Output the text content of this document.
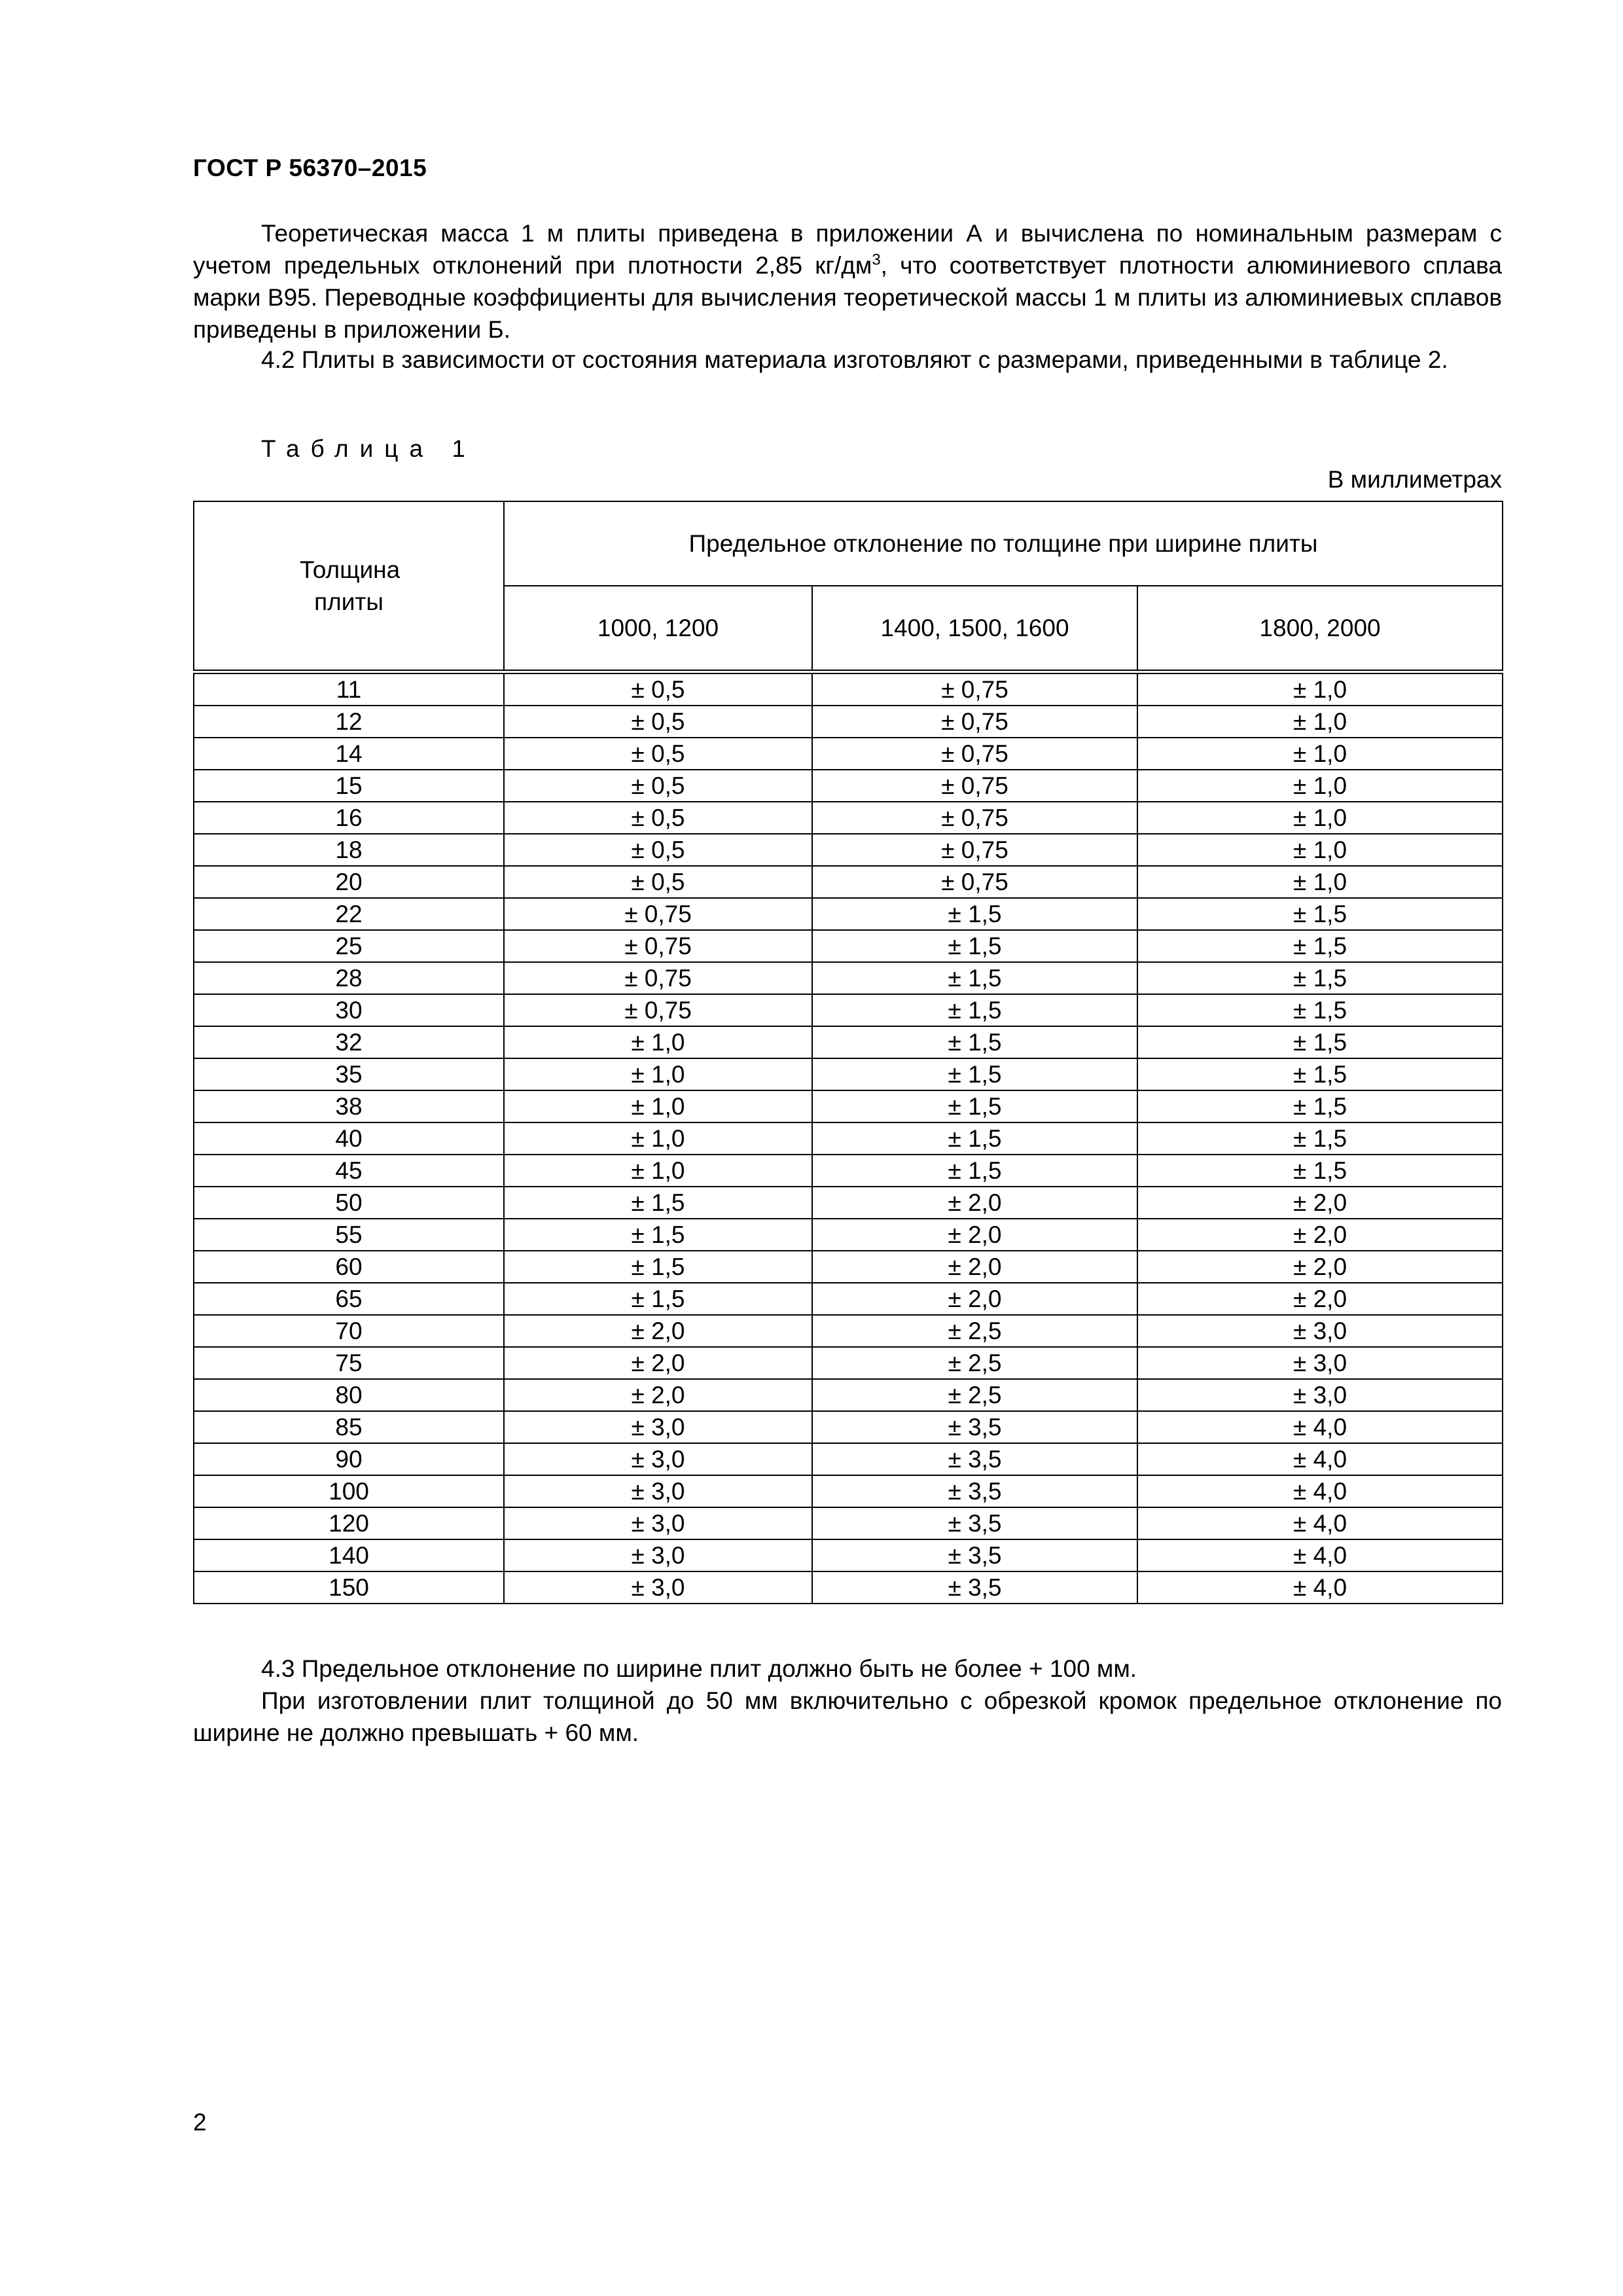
ГОСТ Р 56370–2015
Теоретическая масса 1 м плиты приведена в приложении А и вычислена по номинальным размерам с учетом предельных отклонений при плотности 2,85 $кг/дм^3$, что соответствует плотности алюминиевого сплава марки В95. Переводные коэффициенты для вычисления теоретической массы 1 м плиты из алюминиевых сплавов приведены в приложении Б.
4.2 Плиты в зависимости от состояния материала изготовляют с размерами, приведенными в таблице 2.
Таблица 1
В миллиметрах
Толщина плиты	Предельное отклонение по толщине при ширине плиты		
	1000, 1200	1400, 1500, 1600	1800, 2000
11	± 0,5	± 0,75	± 1,0
12	± 0,5	± 0,75	± 1,0
14	± 0,5	± 0,75	± 1,0
15	± 0,5	± 0,75	± 1,0
16	± 0,5	± 0,75	± 1,0
18	± 0,5	± 0,75	± 1,0
20	± 0,5	± 0,75	± 1,0
22	± 0,75	± 1,5	± 1,5
25	± 0,75	± 1,5	± 1,5
28	± 0,75	± 1,5	± 1,5
30	± 0,75	± 1,5	± 1,5
32	± 1,0	± 1,5	± 1,5
35	± 1,0	± 1,5	± 1,5
38	± 1,0	± 1,5	± 1,5
40	± 1,0	± 1,5	± 1,5
45	± 1,0	± 1,5	± 1,5
50	± 1,5	± 2,0	± 2,0
55	± 1,5	± 2,0	± 2,0
60	± 1,5	± 2,0	± 2,0
65	± 1,5	± 2,0	± 2,0
70	± 2,0	± 2,5	± 3,0
75	± 2,0	± 2,5	± 3,0
80	± 2,0	± 2,5	± 3,0
85	± 3,0	± 3,5	± 4,0
90	± 3,0	± 3,5	± 4,0
100	± 3,0	± 3,5	± 4,0
120	± 3,0	± 3,5	± 4,0
140	± 3,0	± 3,5	± 4,0
150	± 3,0	± 3,5	± 4,0
4.3 Предельное отклонение по ширине плит должно быть не более + 100 мм.
При изготовлении плит толщиной до 50 мм включительно с обрезкой кромок предельное отклонение по ширине не должно превышать + 60 мм.
2
